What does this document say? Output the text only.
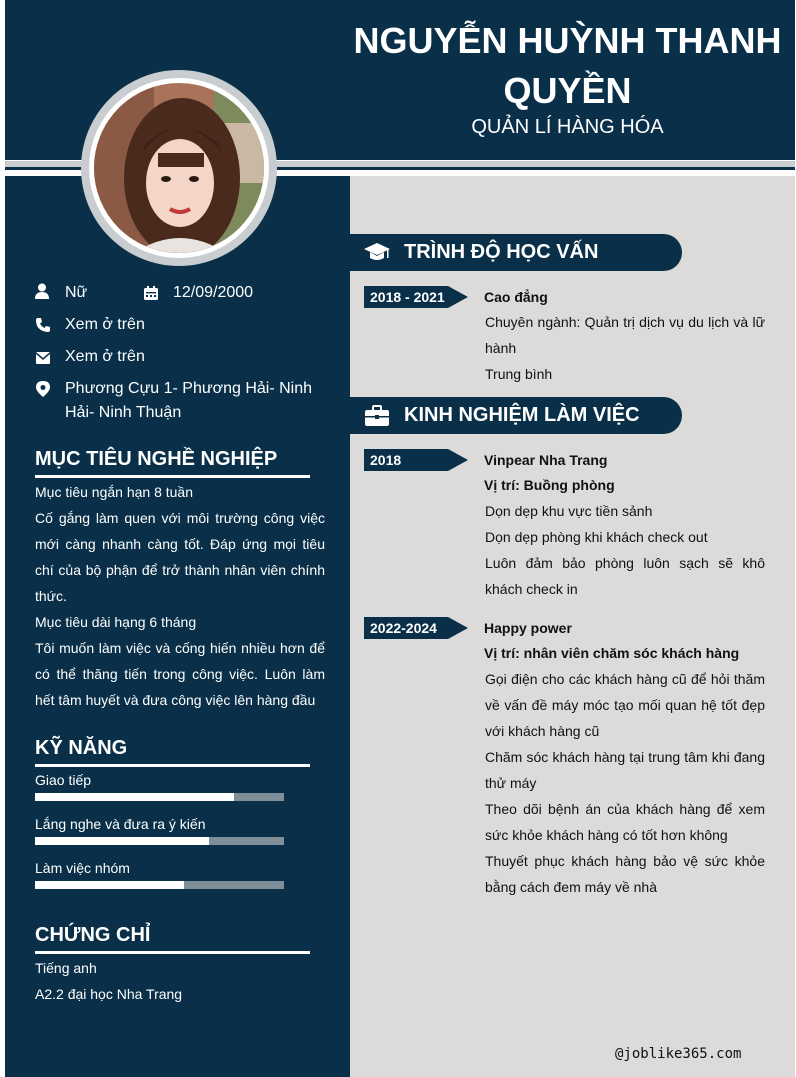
NGUYỄN HUỲNH THANH QUYỀN
QUẢN LÍ HÀNG HÓA
Nữ	12/09/2000
Xem ở trên
Xem ở trên
Phương Cựu 1- Phương Hải- Ninh Hải- Ninh Thuận
MỤC TIÊU NGHỀ NGHIỆP
Mục tiêu ngắn hạn 8 tuần
Cố gắng làm quen với môi trường công việc mới càng nhanh càng tốt. Đáp ứng mọi tiêu chí của bộ phận để trở thành nhân viên chính thức.
Mục tiêu dài hạng 6 tháng
Tôi muốn làm việc và cống hiến nhiều hơn để có thể thăng tiến trong công việc. Luôn làm hết tâm huyết và đưa công việc lên hàng đầu
KỸ NĂNG
Giao tiếp
Lắng nghe và đưa ra ý kiến
Làm việc nhóm
CHỨNG CHỈ
Tiếng anh
A2.2 đại học Nha Trang
TRÌNH ĐỘ HỌC VẤN
2018 - 2021	Cao đẳng
Chuyên ngành: Quản trị dịch vụ du lịch và lữ hành
Trung bình
KINH NGHIỆM LÀM VIỆC
2018	Vinpear Nha Trang
Vị trí: Buồng phòng
Dọn dẹp khu vực tiền sảnh
Dọn dẹp phòng khi khách check out
Luôn đảm bảo phòng luôn sạch sẽ khô khách check in
2022-2024	Happy power
Vị trí: nhân viên chăm sóc khách hàng
Gọi điện cho các khách hàng cũ để hỏi thăm về vấn đề máy móc tạo mối quan hệ tốt đẹp với khách hàng cũ
Chăm sóc khách hàng tại trung tâm khi đang thử máy
Theo dõi bệnh án của khách hàng để xem sức khỏe khách hàng có tốt hơn không
Thuyết phục khách hàng bảo vệ sức khỏe bằng cách đem máy về nhà
@joblike365.com
